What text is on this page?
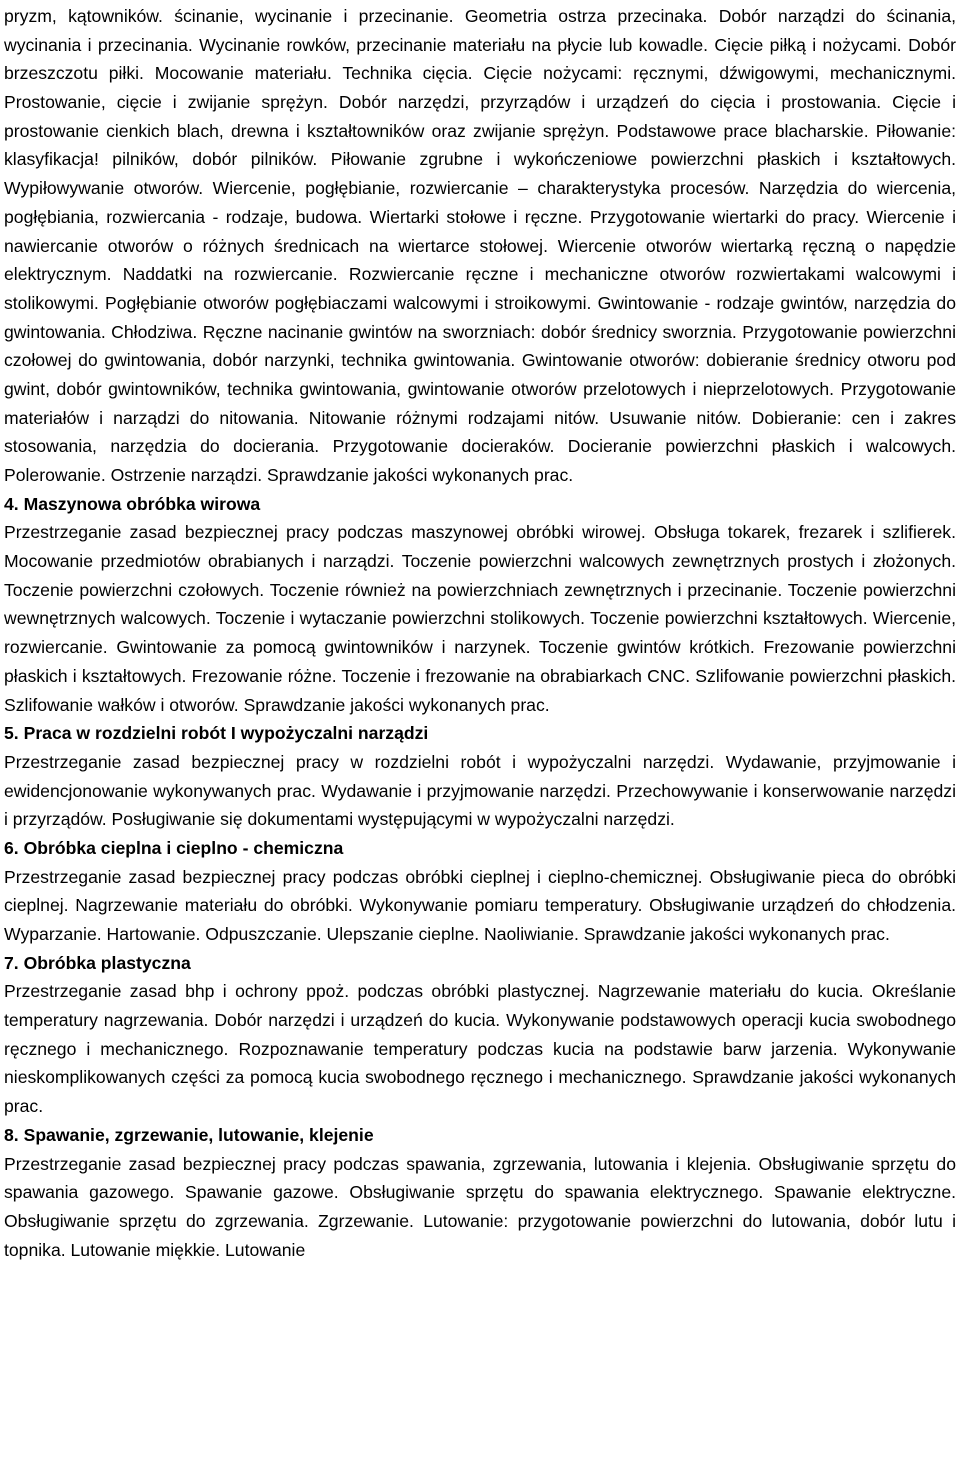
pryzm, kątowników. ścinanie, wycinanie i przecinanie. Geometria ostrza przecinaka. Dobór narządzi do ścinania, wycinania i przecinania. Wycinanie rowków, przecinanie materiału na płycie lub kowadle. Cięcie piłką i nożycami. Dobór brzeszczotu piłki. Mocowanie materiału. Technika cięcia. Cięcie nożycami: ręcznymi, dźwigowymi, mechanicznymi. Prostowanie, cięcie i zwijanie sprężyn. Dobór narzędzi, przyrządów i urządzeń do cięcia i prostowania. Cięcie i prostowanie cienkich blach, drewna i kształtowników oraz zwijanie sprężyn. Podstawowe prace blacharskie. Piłowanie: klasyfikacja! pilników, dobór pilników. Piłowanie zgrubne i wykończeniowe powierzchni płaskich i kształtowych. Wypiłowywanie otworów. Wiercenie, pogłębianie, rozwiercanie – charakterystyka procesów. Narzędzia do wiercenia, pogłębiania, rozwiercania - rodzaje, budowa. Wiertarki stołowe i ręczne. Przygotowanie wiertarki do pracy. Wiercenie i nawiercanie otworów o różnych średnicach na wiertarce stołowej. Wiercenie otworów wiertarką ręczną o napędzie elektrycznym. Naddatki na rozwiercanie. Rozwiercanie ręczne i mechaniczne otworów rozwiertakami walcowymi i stolikowymi. Pogłębianie otworów pogłębiaczami walcowymi i stroikowymi. Gwintowanie - rodzaje gwintów, narzędzia do gwintowania. Chłodziwa. Ręczne nacinanie gwintów na sworzniach: dobór średnicy sworznia. Przygotowanie powierzchni czołowej do gwintowania, dobór narzynki, technika gwintowania. Gwintowanie otworów: dobieranie średnicy otworu pod gwint, dobór gwintowników, technika gwintowania, gwintowanie otworów przelotowych i nieprzelotowych. Przygotowanie materiałów i narządzi do nitowania. Nitowanie różnymi rodzajami nitów. Usuwanie nitów. Dobieranie: cen i zakres stosowania, narzędzia do docierania. Przygotowanie docieraków. Docieranie powierzchni płaskich i walcowych. Polerowanie. Ostrzenie narządzi. Sprawdzanie jakości wykonanych prac.

4. Maszynowa obróbka wirowa

Przestrzeganie zasad bezpiecznej pracy podczas maszynowej obróbki wirowej. Obsługa tokarek, frezarek i szlifierek. Mocowanie przedmiotów obrabianych i narządzi. Toczenie powierzchni walcowych zewnętrznych prostych i złożonych. Toczenie powierzchni czołowych. Toczenie również na powierzchniach zewnętrznych i przecinanie. Toczenie powierzchni wewnętrznych walcowych. Toczenie i wytaczanie powierzchni stolikowych. Toczenie powierzchni kształtowych. Wiercenie, rozwiercanie. Gwintowanie za pomocą gwintowników i narzynek. Toczenie gwintów krótkich. Frezowanie powierzchni płaskich i kształtowych. Frezowanie różne. Toczenie i frezowanie na obrabiarkach CNC. Szlifowanie powierzchni płaskich. Szlifowanie wałków i otworów. Sprawdzanie jakości wykonanych prac.

5. Praca w rozdzielni robót I wypożyczalni narządzi

Przestrzeganie zasad bezpiecznej pracy w rozdzielni robót i wypożyczalni narzędzi. Wydawanie, przyjmowanie i ewidencjonowanie wykonywanych prac. Wydawanie i przyjmowanie narzędzi. Przechowywanie i konserwowanie narzędzi i przyrządów. Posługiwanie się dokumentami występującymi w wypożyczalni narzędzi.

6. Obróbka cieplna i cieplno - chemiczna

Przestrzeganie zasad bezpiecznej pracy podczas obróbki cieplnej i cieplno-chemicznej. Obsługiwanie pieca do obróbki cieplnej. Nagrzewanie materiału do obróbki. Wykonywanie pomiaru temperatury. Obsługiwanie urządzeń do chłodzenia. Wyparzanie. Hartowanie. Odpuszczanie. Ulepszanie cieplne. Naoliwianie. Sprawdzanie jakości wykonanych prac.

7. Obróbka plastyczna

Przestrzeganie zasad bhp i ochrony ppoż. podczas obróbki plastycznej. Nagrzewanie materiału do kucia. Określanie temperatury nagrzewania. Dobór narzędzi i urządzeń do kucia. Wykonywanie podstawowych operacji kucia swobodnego ręcznego i mechanicznego. Rozpoznawanie temperatury podczas kucia na podstawie barw jarzenia. Wykonywanie nieskomplikowanych części za pomocą kucia swobodnego ręcznego i mechanicznego. Sprawdzanie jakości wykonanych prac.

8. Spawanie, zgrzewanie, lutowanie, klejenie

Przestrzeganie zasad bezpiecznej pracy podczas spawania, zgrzewania, lutowania i klejenia. Obsługiwanie sprzętu do spawania gazowego. Spawanie gazowe. Obsługiwanie sprzętu do spawania elektrycznego. Spawanie elektryczne. Obsługiwanie sprzętu do zgrzewania. Zgrzewanie. Lutowanie: przygotowanie powierzchni do lutowania, dobór lutu i topnika. Lutowanie miękkie. Lutowanie
